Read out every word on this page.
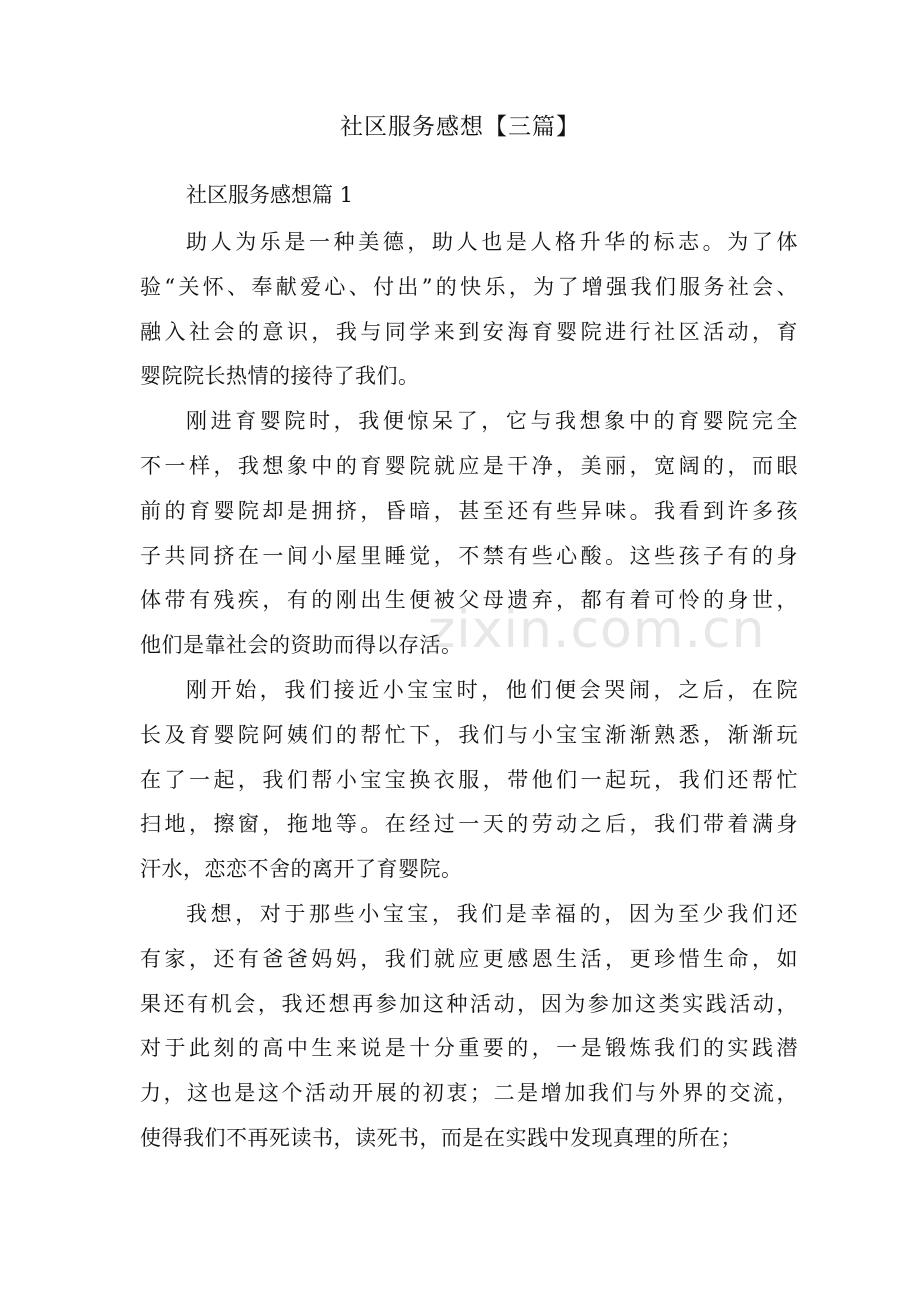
社区服务感想【三篇】
社区服务感想篇 1
助人为乐是一种美德，助人也是人格升华的标志。为了体
验“关怀、奉献爱心、付出”的快乐，为了增强我们服务社会、
融入社会的意识，我与同学来到安海育婴院进行社区活动，育
婴院院长热情的接待了我们。
刚进育婴院时，我便惊呆了，它与我想象中的育婴院完全
不一样，我想象中的育婴院就应是干净，美丽，宽阔的，而眼
前的育婴院却是拥挤，昏暗，甚至还有些异味。我看到许多孩
子共同挤在一间小屋里睡觉，不禁有些心酸。这些孩子有的身
体带有残疾，有的刚出生便被父母遗弃，都有着可怜的身世，
他们是靠社会的资助而得以存活。
刚开始，我们接近小宝宝时，他们便会哭闹，之后，在院
长及育婴院阿姨们的帮忙下，我们与小宝宝渐渐熟悉，渐渐玩
在了一起，我们帮小宝宝换衣服，带他们一起玩，我们还帮忙
扫地，擦窗，拖地等。在经过一天的劳动之后，我们带着满身
汗水，恋恋不舍的离开了育婴院。
我想，对于那些小宝宝，我们是幸福的，因为至少我们还
有家，还有爸爸妈妈，我们就应更感恩生活，更珍惜生命，如
果还有机会，我还想再参加这种活动，因为参加这类实践活动，
对于此刻的高中生来说是十分重要的，一是锻炼我们的实践潜
力，这也是这个活动开展的初衷；二是增加我们与外界的交流，
使得我们不再死读书，读死书，而是在实践中发现真理的所在；
zixin.com.cn
